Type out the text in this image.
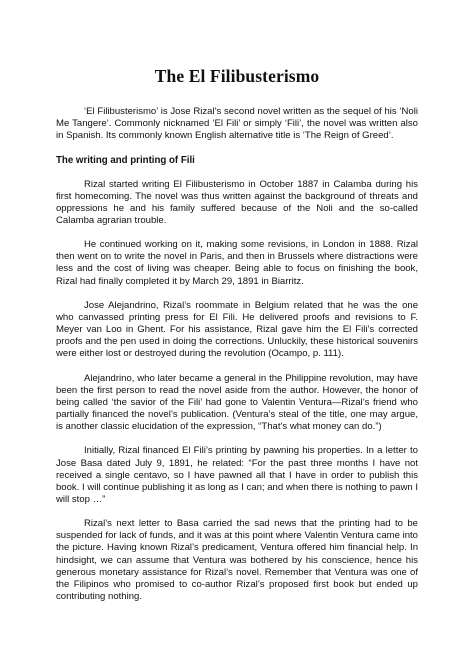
The El Filibusterismo

‘El Filibusterismo’ is Jose Rizal’s second novel written as the sequel of his ‘Noli Me Tangere’. Commonly nicknamed ‘El Fili’ or simply ‘Fili’, the novel was written also in Spanish. Its commonly known English alternative title is ‘The Reign of Greed’.

The writing and printing of Fili

Rizal started writing El Filibusterismo in October 1887 in Calamba during his first homecoming. The novel was thus written against the background of threats and oppressions he and his family suffered because of the Noli and the so-called Calamba agrarian trouble.

He continued working on it, making some revisions, in London in 1888. Rizal then went on to write the novel in Paris, and then in Brussels where distractions were less and the cost of living was cheaper. Being able to focus on finishing the book, Rizal had finally completed it by March 29, 1891 in Biarritz.

Jose Alejandrino, Rizal’s roommate in Belgium related that he was the one who canvassed printing press for El Fili. He delivered proofs and revisions to F. Meyer van Loo in Ghent. For his assistance, Rizal gave him the El Fili’s corrected proofs and the pen used in doing the corrections. Unluckily, these historical souvenirs were either lost or destroyed during the revolution (Ocampo, p. 111).

Alejandrino, who later became a general in the Philippine revolution, may have been the first person to read the novel aside from the author. However, the honor of being called ‘the savior of the Fili’ had gone to Valentin Ventura—Rizal’s friend who partially financed the novel’s publication. (Ventura’s steal of the title, one may argue, is another classic elucidation of the expression, “That’s what money can do.”)

Initially, Rizal financed El Fili’s printing by pawning his properties. In a letter to Jose Basa dated July 9, 1891, he related: “For the past three months I have not received a single centavo, so I have pawned all that I have in order to publish this book. I will continue publishing it as long as I can; and when there is nothing to pawn I will stop …”

Rizal’s next letter to Basa carried the sad news that the printing had to be suspended for lack of funds, and it was at this point where Valentin Ventura came into the picture. Having known Rizal’s predicament, Ventura offered him financial help. In hindsight, we can assume that Ventura was bothered by his conscience, hence his generous monetary assistance for Rizal’s novel. Remember that Ventura was one of the Filipinos who promised to co-author Rizal’s proposed first book but ended up contributing nothing.
